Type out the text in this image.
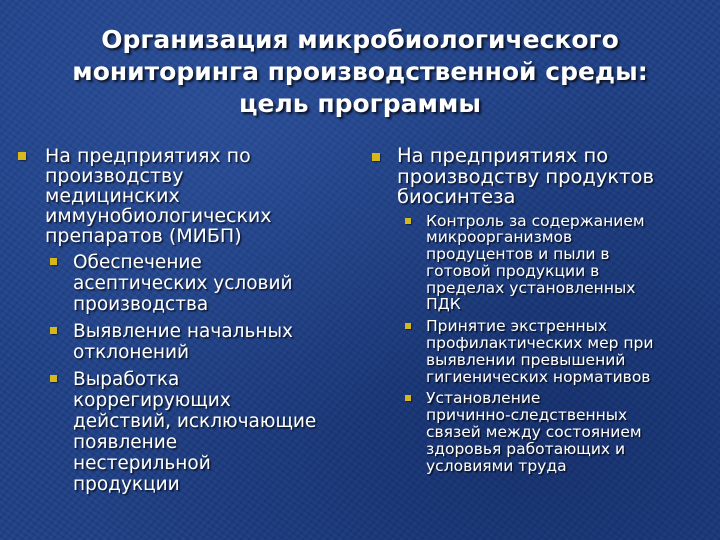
Организация микробиологического
мониторинга производственной среды:
цель программы
На предприятиях по
производству
медицинских
иммунобиологических
препаратов (МИБП)
Обеспечение
асептических условий
производства
Выявление начальных
отклонений
Выработка
коррегирующих
действий, исключающие
появление
нестерильной
продукции
На предприятиях по
производству продуктов
биосинтеза
Контроль за содержанием
микроорганизмов
продуцентов и пыли в
готовой продукции в
пределах установленных
ПДК
Принятие экстренных
профилактических мер при
выявлении превышений
гигиенических нормативов
Установление
причинно-следственных
связей между состоянием
здоровья работающих и
условиями труда
